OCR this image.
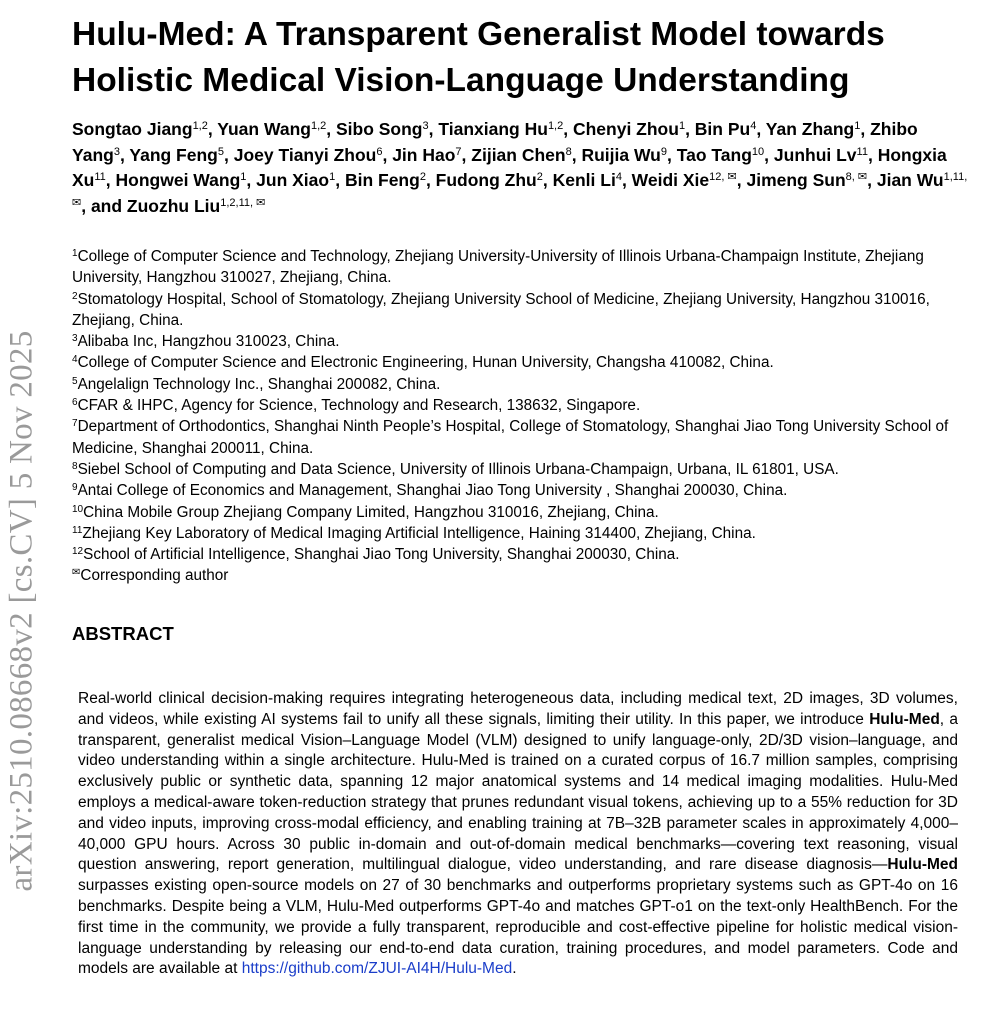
arXiv:2510.08668v2 [cs.CV] 5 Nov 2025
Hulu-Med: A Transparent Generalist Model towards
Holistic Medical Vision-Language Understanding

Songtao Jiang$^{1,2}$, Yuan Wang$^{1,2}$, Sibo Song$^3$, Tianxiang Hu$^{1,2}$, Chenyi Zhou$^1$, Bin Pu$^4$, Yan Zhang$^1$, Zhibo Yang$^3$, Yang Feng$^5$, Joey Tianyi Zhou$^6$, Jin Hao$^7$, Zijian Chen$^8$, Ruijia Wu$^9$, Tao Tang$^{10}$, Junhui Lv$^{11}$, Hongxia Xu$^{11}$, Hongwei Wang$^1$, Jun Xiao$^1$, Bin Feng$^2$, Fudong Zhu$^2$, Kenli Li$^4$, Weidi Xie$^{12, ✉}$, Jimeng Sun$^{8, ✉}$, Jian $Wu^{1,11, ✉}$, and Zuozhu Liu$^{1,2,11, ✉}$

$^1$College of Computer Science and Technology, Zhejiang University-University of Illinois Urbana-Champaign Institute, Zhejiang University, Hangzhou 310027, Zhejiang, China.

$^2$Stomatology Hospital, School of Stomatology, Zhejiang University School of Medicine, Zhejiang University, Hangzhou 310016, Zhejiang, China.

$^3$Alibaba Inc, Hangzhou 310023, China.

$^4$College of Computer Science and Electronic Engineering, Hunan University, Changsha 410082, China.

$^5$Angelalign Technology Inc., Shanghai 200082, China.

$^6$CFAR & IHPC, Agency for Science, Technology and Research, 138632, Singapore.

$^7$Department of Orthodontics, Shanghai Ninth People’s Hospital, College of Stomatology, Shanghai Jiao Tong University School of Medicine, Shanghai 200011, China.

$^8$Siebel School of Computing and Data Science, University of Illinois Urbana-Champaign, Urbana, IL 61801, USA.

$^9$Antai College of Economics and Management, Shanghai Jiao Tong University , Shanghai 200030, China.

$^{10}$China Mobile Group Zhejiang Company Limited, Hangzhou 310016, Zhejiang, China.

$^{11}$Zhejiang Key Laboratory of Medical Imaging Artificial Intelligence, Haining 314400, Zhejiang, China.

$^{12}$School of Artificial Intelligence, Shanghai Jiao Tong University, Shanghai 200030, China.

✉Corresponding author

ABSTRACT

Real-world clinical decision-making requires integrating heterogeneous data, including medical text, 2D images, 3D volumes, and videos, while existing AI systems fail to unify all these signals, limiting their utility. In this paper, we introduce Hulu-Med, a transparent, generalist medical Vision–Language Model (VLM) designed to unify language-only, 2D/3D vision–language, and video understanding within a single architecture. Hulu-Med is trained on a curated corpus of 16.7 million samples, comprising exclusively public or synthetic data, spanning 12 major anatomical systems and 14 medical imaging modalities. Hulu-Med employs a medical-aware token-reduction strategy that prunes redundant visual tokens, achieving up to a 55% reduction for 3D and video inputs, improving cross-modal efficiency, and enabling training at 7B–32B parameter scales in approximately 4,000–40,000 GPU hours. Across 30 public in-domain and out-of-domain medical benchmarks—covering text reasoning, visual question answering, report generation, multilingual dialogue, video understanding, and rare disease diagnosis—Hulu-Med surpasses existing open-source models on 27 of 30 benchmarks and outperforms proprietary systems such as GPT-4o on 16 benchmarks. Despite being a VLM, Hulu-Med outperforms GPT-4o and matches GPT-o1 on the text-only HealthBench. For the first time in the community, we provide a fully transparent, reproducible and cost-effective pipeline for holistic medical vision-language understanding by releasing our end-to-end data curation, training procedures, and model parameters. Code and models are available at https://github.com/ZJUI-AI4H/Hulu-Med.
